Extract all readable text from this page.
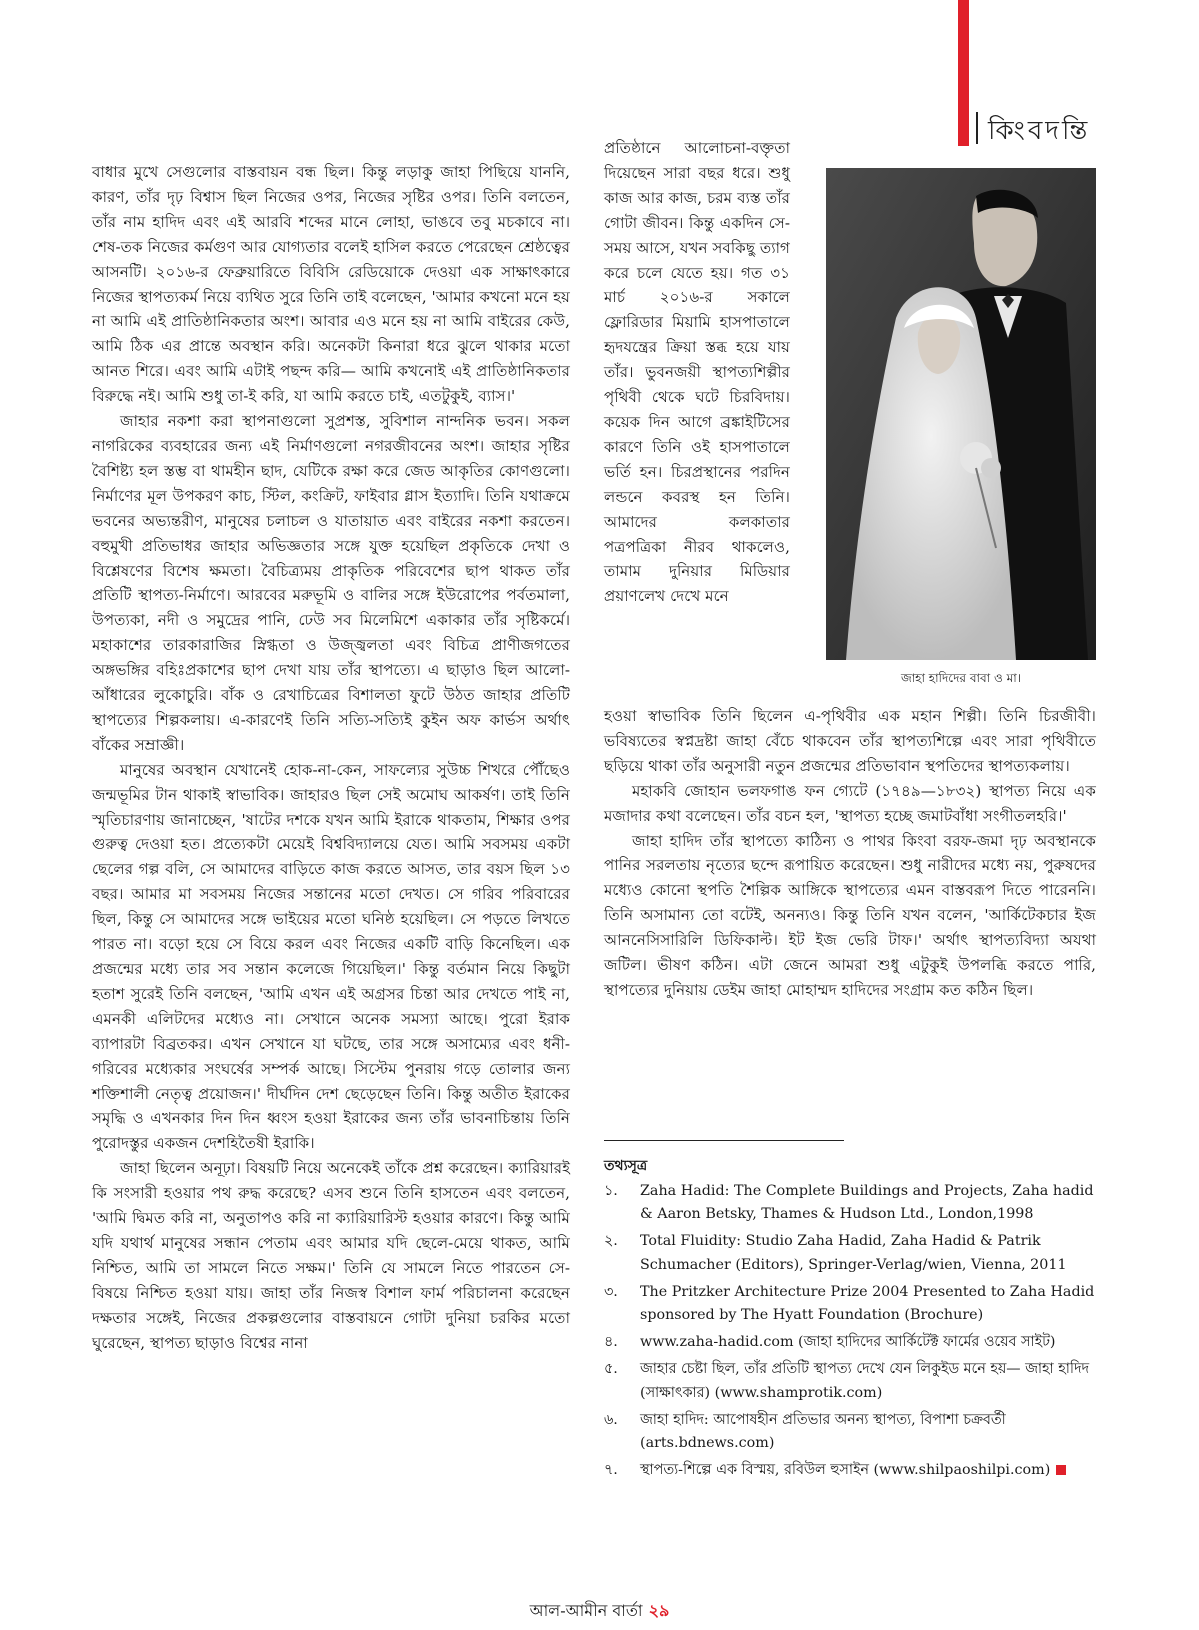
কিংবদন্তি

বাধার মুখে সেগুলোর বাস্তবায়ন বন্ধ ছিল। কিন্তু লড়াকু জাহা পিছিয়ে যাননি, কারণ, তাঁর দৃঢ় বিশ্বাস ছিল নিজের ওপর, নিজের সৃষ্টির ওপর। তিনি বলতেন, তাঁর নাম হাদিদ এবং এই আরবি শব্দের মানে লোহা, ভাঙবে তবু মচকাবে না। শেষ-তক নিজের কর্মগুণ আর যোগ্যতার বলেই হাসিল করতে পেরেছেন শ্রেষ্ঠত্বের আসনটি। ২০১৬-র ফেব্রুয়ারিতে বিবিসি রেডিয়োকে দেওয়া এক সাক্ষাৎকারে নিজের স্থাপত্যকর্ম নিয়ে ব্যথিত সুরে তিনি তাই বলেছেন, 'আমার কখনো মনে হয় না আমি এই প্রাতিষ্ঠানিকতার অংশ। আবার এও মনে হয় না আমি বাইরের কেউ, আমি ঠিক এর প্রান্তে অবস্থান করি। অনেকটা কিনারা ধরে ঝুলে থাকার মতো আনত শিরে। এবং আমি এটাই পছন্দ করি— আমি কখনোই এই প্রাতিষ্ঠানিকতার বিরুদ্ধে নই। আমি শুধু তা-ই করি, যা আমি করতে চাই, এতটুকুই, ব্যাস।'

জাহার নকশা করা স্থাপনাগুলো সুপ্রশস্ত, সুবিশাল নান্দনিক ভবন। সকল নাগরিকের ব্যবহারের জন্য এই নির্মাণগুলো নগরজীবনের অংশ। জাহার সৃষ্টির বৈশিষ্ট্য হল স্তম্ভ বা থামহীন ছাদ, যেটিকে রক্ষা করে জেড আকৃতির কোণগুলো। নির্মাণের মূল উপকরণ কাচ, স্টিল, কংক্রিট, ফাইবার গ্লাস ইত্যাদি। তিনি যথাক্রমে ভবনের অভ্যন্তরীণ, মানুষের চলাচল ও যাতায়াত এবং বাইরের নকশা করতেন। বহুমুখী প্রতিভাধর জাহার অভিজ্ঞতার সঙ্গে যুক্ত হয়েছিল প্রকৃতিকে দেখা ও বিশ্লেষণের বিশেষ ক্ষমতা। বৈচিত্র্যময় প্রাকৃতিক পরিবেশের ছাপ থাকত তাঁর প্রতিটি স্থাপত্য-নির্মাণে। আরবের মরুভূমি ও বালির সঙ্গে ইউরোপের পর্বতমালা, উপত্যকা, নদী ও সমুদ্রের পানি, ঢেউ সব মিলেমিশে একাকার তাঁর সৃষ্টিকর্মে। মহাকাশের তারকারাজির স্নিগ্ধতা ও উজ্জ্বলতা এবং বিচিত্র প্রাণীজগতের অঙ্গভঙ্গির বহিঃপ্রকাশের ছাপ দেখা যায় তাঁর স্থাপত্যে। এ ছাড়াও ছিল আলো-আঁধারের লুকোচুরি। বাঁক ও রেখাচিত্রের বিশালতা ফুটে উঠত জাহার প্রতিটি স্থাপত্যের শিল্পকলায়। এ-কারণেই তিনি সত্যি-সত্যিই কুইন অফ কার্ভস অর্থাৎ বাঁকের সম্রাজ্ঞী।

মানুষের অবস্থান যেখানেই হোক-না-কেন, সাফল্যের সুউচ্চ শিখরে পৌঁছেও জন্মভূমির টান থাকাই স্বাভাবিক। জাহারও ছিল সেই অমোঘ আকর্ষণ। তাই তিনি স্মৃতিচারণায় জানাচ্ছেন, 'ষাটের দশকে যখন আমি ইরাকে থাকতাম, শিক্ষার ওপর গুরুত্ব দেওয়া হত। প্রত্যেকটা মেয়েই বিশ্ববিদ্যালয়ে যেত। আমি সবসময় একটা ছেলের গল্প বলি, সে আমাদের বাড়িতে কাজ করতে আসত, তার বয়স ছিল ১৩ বছর। আমার মা সবসময় নিজের সন্তানের মতো দেখত। সে গরিব পরিবারের ছিল, কিন্তু সে আমাদের সঙ্গে ভাইয়ের মতো ঘনিষ্ঠ হয়েছিল। সে পড়তে লিখতে পারত না। বড়ো হয়ে সে বিয়ে করল এবং নিজের একটি বাড়ি কিনেছিল। এক প্রজন্মের মধ্যে তার সব সন্তান কলেজে গিয়েছিল।' কিন্তু বর্তমান নিয়ে কিছুটা হতাশ সুরেই তিনি বলছেন, 'আমি এখন এই অগ্রসর চিন্তা আর দেখতে পাই না, এমনকী এলিটদের মধ্যেও না। সেখানে অনেক সমস্যা আছে। পুরো ইরাক ব্যাপারটা বিব্রতকর। এখন সেখানে যা ঘটছে, তার সঙ্গে অসাম্যের এবং ধনী-গরিবের মধ্যেকার সংঘর্ষের সম্পর্ক আছে। সিস্টেম পুনরায় গড়ে তোলার জন্য শক্তিশালী নেতৃত্ব প্রয়োজন।' দীর্ঘদিন দেশ ছেড়েছেন তিনি। কিন্তু অতীত ইরাকের সমৃদ্ধি ও এখনকার দিন দিন ধ্বংস হওয়া ইরাকের জন্য তাঁর ভাবনাচিন্তায় তিনি পুরোদস্তুর একজন দেশহিতৈষী ইরাকি।

জাহা ছিলেন অনূঢ়া। বিষয়টি নিয়ে অনেকেই তাঁকে প্রশ্ন করেছেন। ক্যারিয়ারই কি সংসারী হওয়ার পথ রুদ্ধ করেছে? এসব শুনে তিনি হাসতেন এবং বলতেন, 'আমি দ্বিমত করি না, অনুতাপও করি না ক্যারিয়ারিস্ট হওয়ার কারণে। কিন্তু আমি যদি যথার্থ মানুষের সন্ধান পেতাম এবং আমার যদি ছেলে-মেয়ে থাকত, আমি নিশ্চিত, আমি তা সামলে নিতে সক্ষম।' তিনি যে সামলে নিতে পারতেন সে-বিষয়ে নিশ্চিত হওয়া যায়। জাহা তাঁর নিজস্ব বিশাল ফার্ম পরিচালনা করেছেন দক্ষতার সঙ্গেই, নিজের প্রকল্পগুলোর বাস্তবায়নে গোটা দুনিয়া চরকির মতো ঘুরেছেন, স্থাপত্য ছাড়াও বিশ্বের নানা

প্রতিষ্ঠানে আলোচনা-বক্তৃতা দিয়েছেন সারা বছর ধরে। শুধু কাজ আর কাজ, চরম ব্যস্ত তাঁর গোটা জীবন। কিন্তু একদিন সে-সময় আসে, যখন সবকিছু ত্যাগ করে চলে যেতে হয়। গত ৩১ মার্চ ২০১৬-র সকালে ফ্লোরিডার মিয়ামি হাসপাতালে হৃদযন্ত্রের ক্রিয়া স্তব্ধ হয়ে যায় তাঁর। ভুবনজয়ী স্থাপত্যশিল্পীর পৃথিবী থেকে ঘটে চিরবিদায়। কয়েক দিন আগে ব্রঙ্কাইটিসের কারণে তিনি ওই হাসপাতালে ভর্তি হন। চিরপ্রস্থানের পরদিন লন্ডনে কবরস্থ হন তিনি। আমাদের কলকাতার পত্রপত্রিকা নীরব থাকলেও, তামাম দুনিয়ার মিডিয়ার প্রয়াণলেখ দেখে মনে

জাহা হাদিদের বাবা ও মা।

হওয়া স্বাভাবিক তিনি ছিলেন এ-পৃথিবীর এক মহান শিল্পী। তিনি চিরজীবী। ভবিষ্যতের স্বপ্নদ্রষ্টা জাহা বেঁচে থাকবেন তাঁর স্থাপত্যশিল্পে এবং সারা পৃথিবীতে ছড়িয়ে থাকা তাঁর অনুসারী নতুন প্রজন্মের প্রতিভাবান স্থপতিদের স্থাপত্যকলায়।

মহাকবি জোহান ভলফগাঙ ফন গ্যেটে (১৭৪৯—১৮৩২) স্থাপত্য নিয়ে এক মজাদার কথা বলেছেন। তাঁর বচন হল, 'স্থাপত্য হচ্ছে জমাটবাঁধা সংগীতলহরি।'

জাহা হাদিদ তাঁর স্থাপত্যে কাঠিন্য ও পাথর কিংবা বরফ-জমা দৃঢ় অবস্থানকে পানির সরলতায় নৃত্যের ছন্দে রূপায়িত করেছেন। শুধু নারীদের মধ্যে নয়, পুরুষদের মধ্যেও কোনো স্থপতি শৈল্পিক আঙ্গিকে স্থাপত্যের এমন বাস্তবরূপ দিতে পারেননি। তিনি অসামান্য তো বটেই, অনন্যও। কিন্তু তিনি যখন বলেন, 'আর্কিটেকচার ইজ আননেসিসারিলি ডিফিকাল্ট। ইট ইজ ভেরি টাফ।' অর্থাৎ স্থাপত্যবিদ্যা অযথা জটিল। ভীষণ কঠিন। এটা জেনে আমরা শুধু এটুকুই উপলব্ধি করতে পারি, স্থাপত্যের দুনিয়ায় ডেইম জাহা মোহাম্মদ হাদিদের সংগ্রাম কত কঠিন ছিল।

তথ্যসূত্র
১. Zaha Hadid: The Complete Buildings and Projects, Zaha hadid & Aaron Betsky, Thames & Hudson Ltd., London,1998
২. Total Fluidity: Studio Zaha Hadid, Zaha Hadid & Patrik Schumacher (Editors), Springer-Verlag/wien, Vienna, 2011
৩. The Pritzker Architecture Prize 2004 Presented to Zaha Hadid sponsored by The Hyatt Foundation (Brochure)
৪. www.zaha-hadid.com (জাহা হাদিদের আর্কিটেক্ট ফার্মের ওয়েব সাইট)
৫. জাহার চেষ্টা ছিল, তাঁর প্রতিটি স্থাপত্য দেখে যেন লিকুইড মনে হয়— জাহা হাদিদ (সাক্ষাৎকার) (www.shamprotik.com)
৬. জাহা হাদিদ: আপোষহীন প্রতিভার অনন্য স্থাপত্য, বিপাশা চক্রবর্তী (arts.bdnews.com)
৭. স্থাপত্য-শিল্পে এক বিস্ময়, রবিউল হুসাইন (www.shilpaoshilpi.com)
আল-আমীন বার্তা ২৯
